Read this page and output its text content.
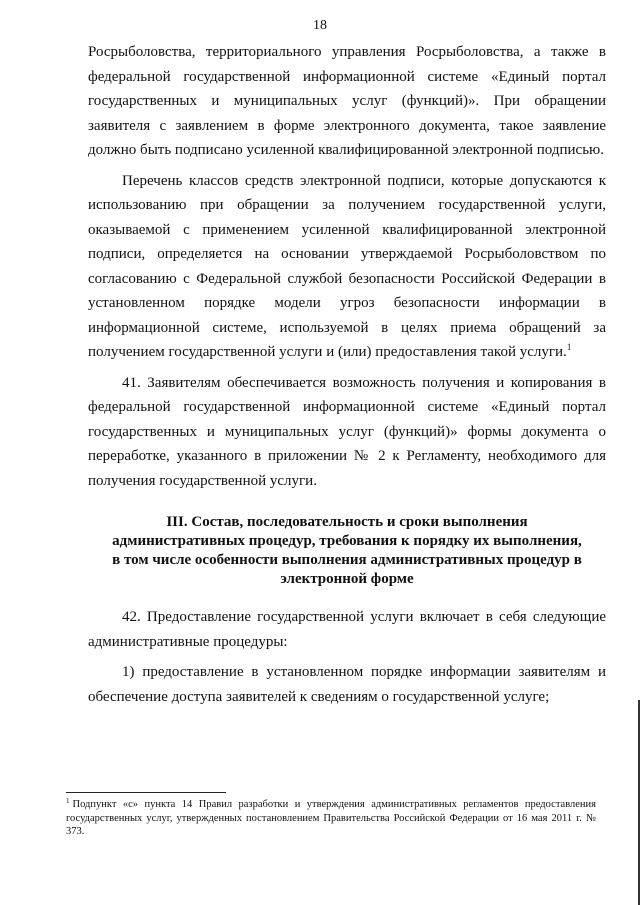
18

Росрыболовства, территориального управления Росрыболовства, а также в федеральной государственной информационной системе «Единый портал государственных и муниципальных услуг (функций)». При обращении заявителя с заявлением в форме электронного документа, такое заявление должно быть подписано усиленной квалифицированной электронной подписью.

Перечень классов средств электронной подписи, которые допускаются к использованию при обращении за получением государственной услуги, оказываемой с применением усиленной квалифицированной электронной подписи, определяется на основании утверждаемой Росрыболовством по согласованию с Федеральной службой безопасности Российской Федерации в установленном порядке модели угроз безопасности информации в информационной системе, используемой в целях приема обращений за получением государственной услуги и (или) предоставления такой услуги.$^1$

41. Заявителям обеспечивается возможность получения и копирования в федеральной государственной информационной системе «Единый портал государственных и муниципальных услуг (функций)» формы документа о переработке, указанного в приложении № 2 к Регламенту, необходимого для получения государственной услуги.

III. Состав, последовательность и сроки выполнения
административных процедур, требования к порядку их выполнения,
в том числе особенности выполнения административных процедур в
электронной форме

42. Предоставление государственной услуги включает в себя следующие административные процедуры:

1) предоставление в установленном порядке информации заявителям и обеспечение доступа заявителей к сведениям о государственной услуге;

$^1$ Подпункт «с» пункта 14 Правил разработки и утверждения административных регламентов предоставления государственных услуг, утвержденных постановлением Правительства Российской Федерации от 16 мая 2011 г. № 373.
